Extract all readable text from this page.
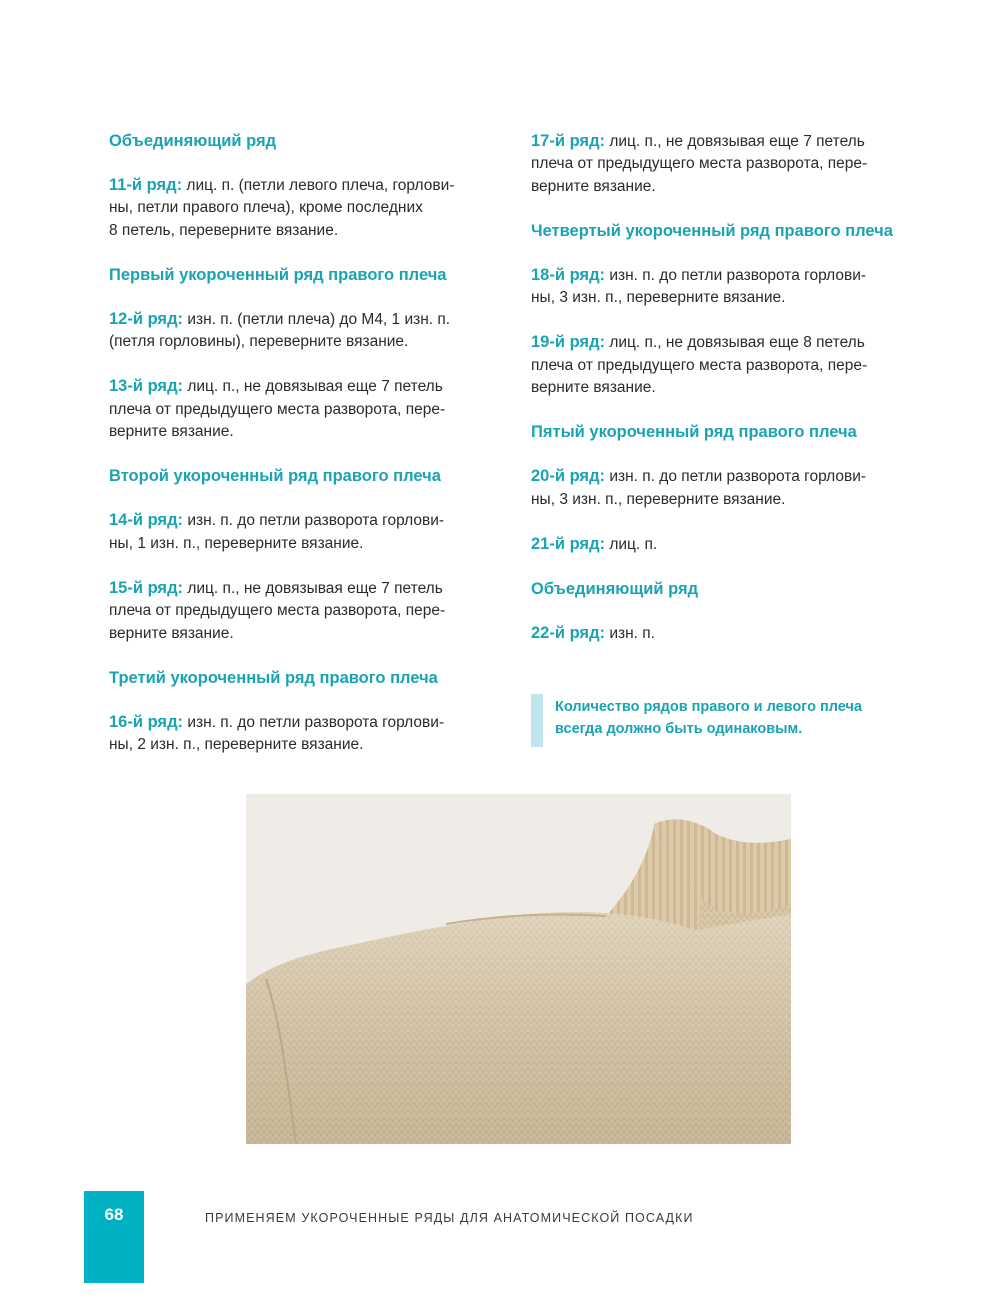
Объединяющий ряд
11-й ряд: лиц. п. (петли левого плеча, горлови-
ны, петли правого плеча), кроме последних
8 петель, переверните вязание.
Первый укороченный ряд правого плеча
12-й ряд: изн. п. (петли плеча) до М4, 1 изн. п.
(петля горловины), переверните вязание.
13-й ряд: лиц. п., не довязывая еще 7 петель
плеча от предыдущего места разворота, пере-
верните вязание.
Второй укороченный ряд правого плеча
14-й ряд: изн. п. до петли разворота горлови-
ны, 1 изн. п., переверните вязание.
15-й ряд: лиц. п., не довязывая еще 7 петель
плеча от предыдущего места разворота, пере-
верните вязание.
Третий укороченный ряд правого плеча
16-й ряд: изн. п. до петли разворота горлови-
ны, 2 изн. п., переверните вязание.
17-й ряд: лиц. п., не довязывая еще 7 петель
плеча от предыдущего места разворота, пере-
верните вязание.
Четвертый укороченный ряд правого плеча
18-й ряд: изн. п. до петли разворота горлови-
ны, 3 изн. п., переверните вязание.
19-й ряд: лиц. п., не довязывая еще 8 петель
плеча от предыдущего места разворота, пере-
верните вязание.
Пятый укороченный ряд правого плеча
20-й ряд: изн. п. до петли разворота горлови-
ны, 3 изн. п., переверните вязание.
21-й ряд: лиц. п.
Объединяющий ряд
22-й ряд: изн. п.
Количество рядов правого и левого плеча
всегда должно быть одинаковым.
68	ПРИМЕНЯЕМ УКОРОЧЕННЫЕ РЯДЫ ДЛЯ АНАТОМИЧЕСКОЙ ПОСАДКИ
